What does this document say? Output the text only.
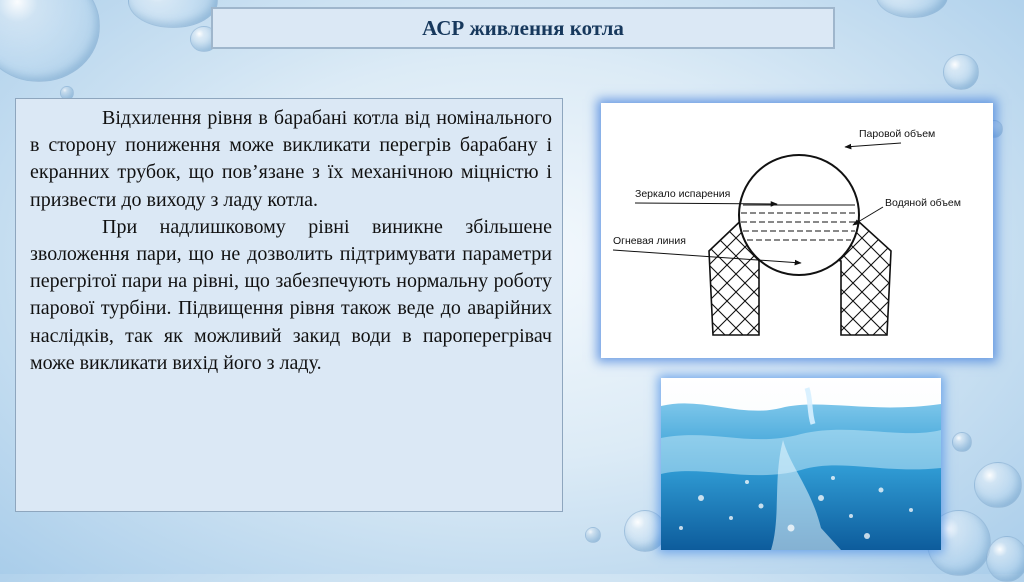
АСР живлення котла

Відхилення рівня в барабані котла від номінального в сторону пониження може викликати перегрів барабану і екранних трубок, що пов’язане з їх механічною міцністю і призвести до виходу з ладу котла.

При надлишковому рівні виникне збільшене зволоження пари, що не дозволить підтримувати параметри перегрітої пари на рівні, що забезпечують нормальну роботу парової турбіни. Підвищення рівня також веде до аварійних наслідків, так як можливий закид води в пароперегрівач може викликати вихід його з ладу.

Паровой объем
Зеркало испарения
Водяной объем
Огневая линия
